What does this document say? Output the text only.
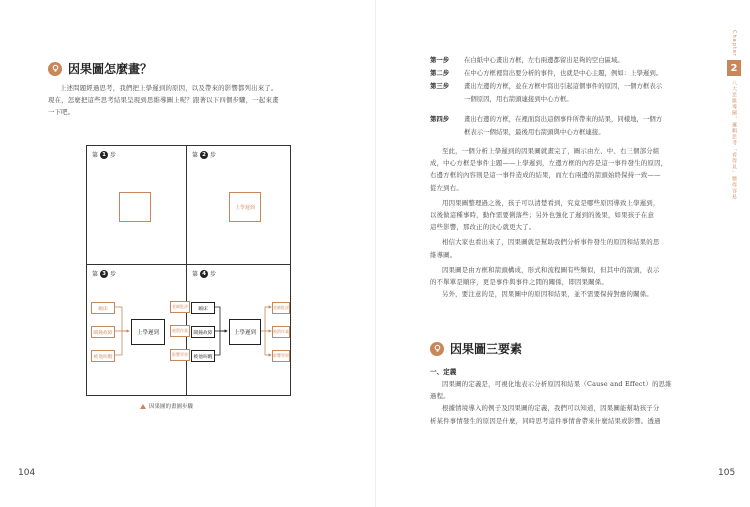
因果圖怎麼畫？
上述問題經過思考，我們把上學遲到的原因，以及帶來的影響都列出來了。
現在，怎麼把這些思考結果呈現到思維導圖上呢？跟著以下四個步驟，一起來畫
一下吧。
第 1 步	第 2 步
上學遲到
第 3 步
賴床
鬧鐘故障
被他叫醒
上學遲到
第 4 步
賴床
鬧鐘故障
被他叫醒
上學遲到
老師批評
被罰作業
影響學習
因果圖的畫圖步驟
104
老師批評
被罰作業
影響學習
第一步	在白紙中心畫出方框，左右兩邊都留出足夠的空白區域。
第二步	在中心方框裡寫出要分析的事件，也就是中心主題，例如：上學遲到。
第三步	畫出左邊的方框，並在方框中寫出引起這個事件的原因，一個方框表示
一個原因，用右箭頭連接到中心方框。
第四步	畫出右邊的方框，在裡面寫出這個事件所帶來的結果，同樣地，一個方
框表示一個結果，最後用右箭頭與中心方框連接。
至此，一個分析上學遲到的因果圖就畫完了，圖示由左、中、右三個部分組
成，中心方框是事件主題——上學遲到，左邊方框的內容是這一事件發生的原因，
右邊方框的內容則是這一事件造成的結果，而左右兩邊的箭頭始終保持一致——
從左到右。
用因果圖整理過之後，孩子可以清楚看到，究竟是哪些原因導致上學遲到，
以後做這種事時，動作需要俐落些；另外也強化了遲到的後果，如果孩子在意
這些影響，那改正的決心就更大了。
相信大家也看出來了，因果圖就是幫助我們分析事件發生的原因和結果的思
維導圖。
因果圖是由方框和箭頭構成，形式和流程圖有些類似，但其中的箭頭，表示
的不單單是順序，更是事件與事件之間的關係，即因果關係。
另外，要注意的是，因果圖中的原因和結果，並不需要保持對應的關係。
因果圖三要素
一、定義
因果圖的定義是，可視化地表示分析原因和結果（Cause and Effect）的思維
過程。
根據情境導入的例子及因果圖的定義，我們可以知道，因果圖能幫助孩子分
析某件事情發生的原因是什麼，同時思考這件事情會帶來什麼結果或影響。透過
Chapter
2
八大思維導圖，邏輯思考「看得見」變得容易
105
